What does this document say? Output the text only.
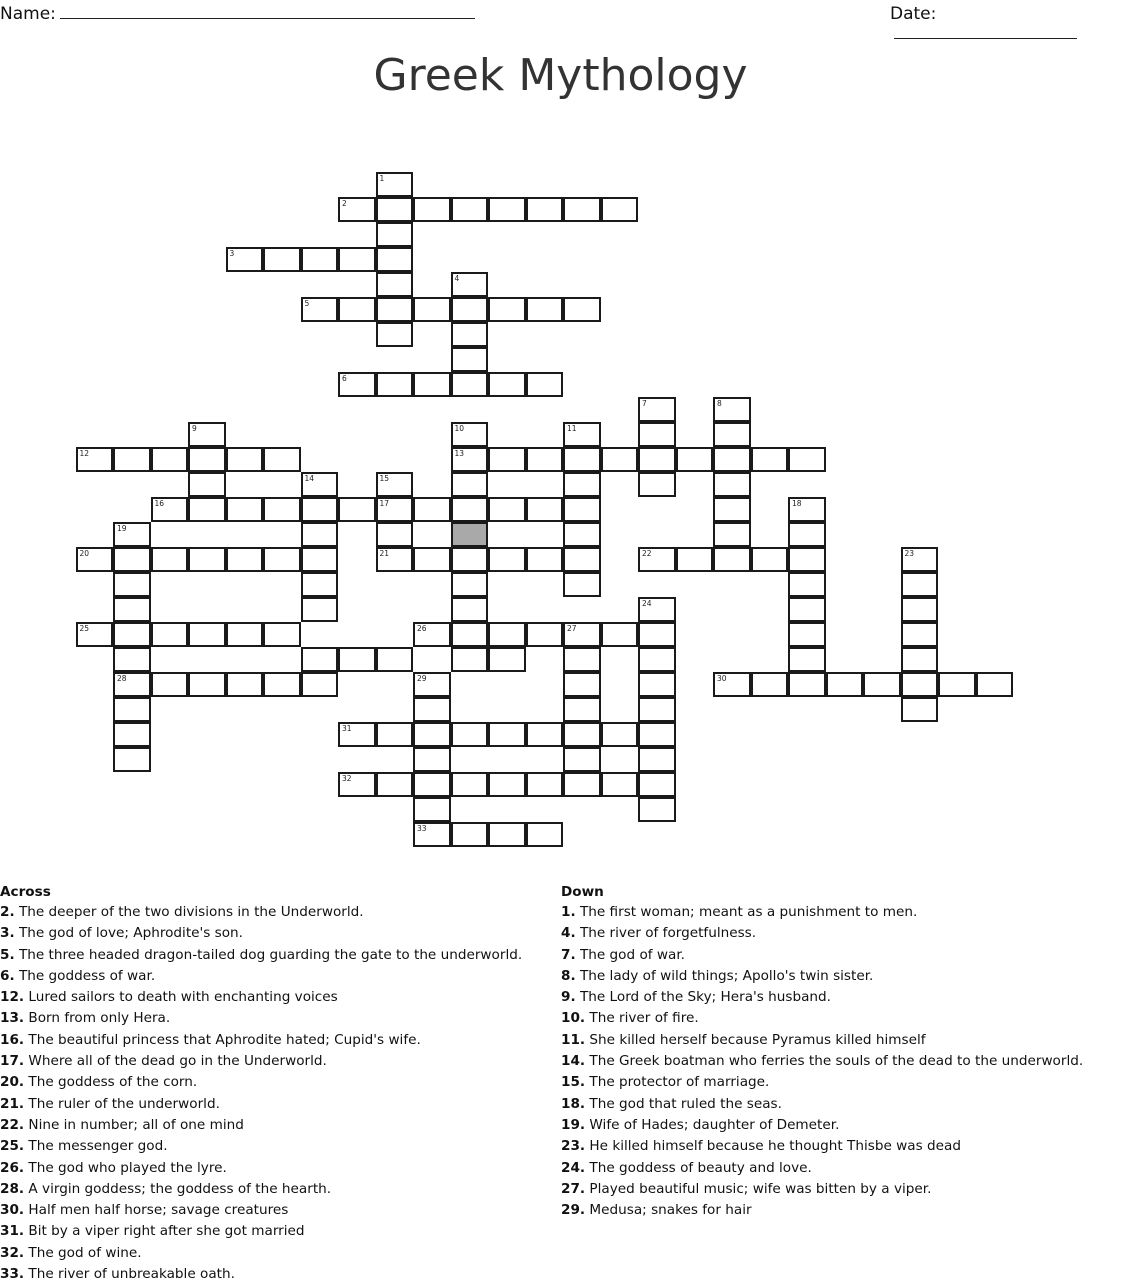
Name:	Date:
Greek Mythology
1
2
3
4
5
6
7	8
9	10
13
11
12
14	15
17
21
16	18
19
28
20	22	23
24
25	26	27
29
33
30
31
32
Across
2. The deeper of the two divisions in the Underworld.
3. The god of love; Aphrodite's son.
5. The three headed dragon-tailed dog guarding the gate to the underworld.
6. The goddess of war.
12. Lured sailors to death with enchanting voices
13. Born from only Hera.
16. The beautiful princess that Aphrodite hated; Cupid's wife.
17. Where all of the dead go in the Underworld.
20. The goddess of the corn.
21. The ruler of the underworld.
22. Nine in number; all of one mind
25. The messenger god.
26. The god who played the lyre.
28. A virgin goddess; the goddess of the hearth.
30. Half men half horse; savage creatures
31. Bit by a viper right after she got married
32. The god of wine.
33. The river of unbreakable oath.
Down
1. The first woman; meant as a punishment to men.
4. The river of forgetfulness.
7. The god of war.
8. The lady of wild things; Apollo's twin sister.
9. The Lord of the Sky; Hera's husband.
10. The river of fire.
11. She killed herself because Pyramus killed himself
14. The Greek boatman who ferries the souls of the dead to the underworld.
15. The protector of marriage.
18. The god that ruled the seas.
19. Wife of Hades; daughter of Demeter.
23. He killed himself because he thought Thisbe was dead
24. The goddess of beauty and love.
27. Played beautiful music; wife was bitten by a viper.
29. Medusa; snakes for hair
